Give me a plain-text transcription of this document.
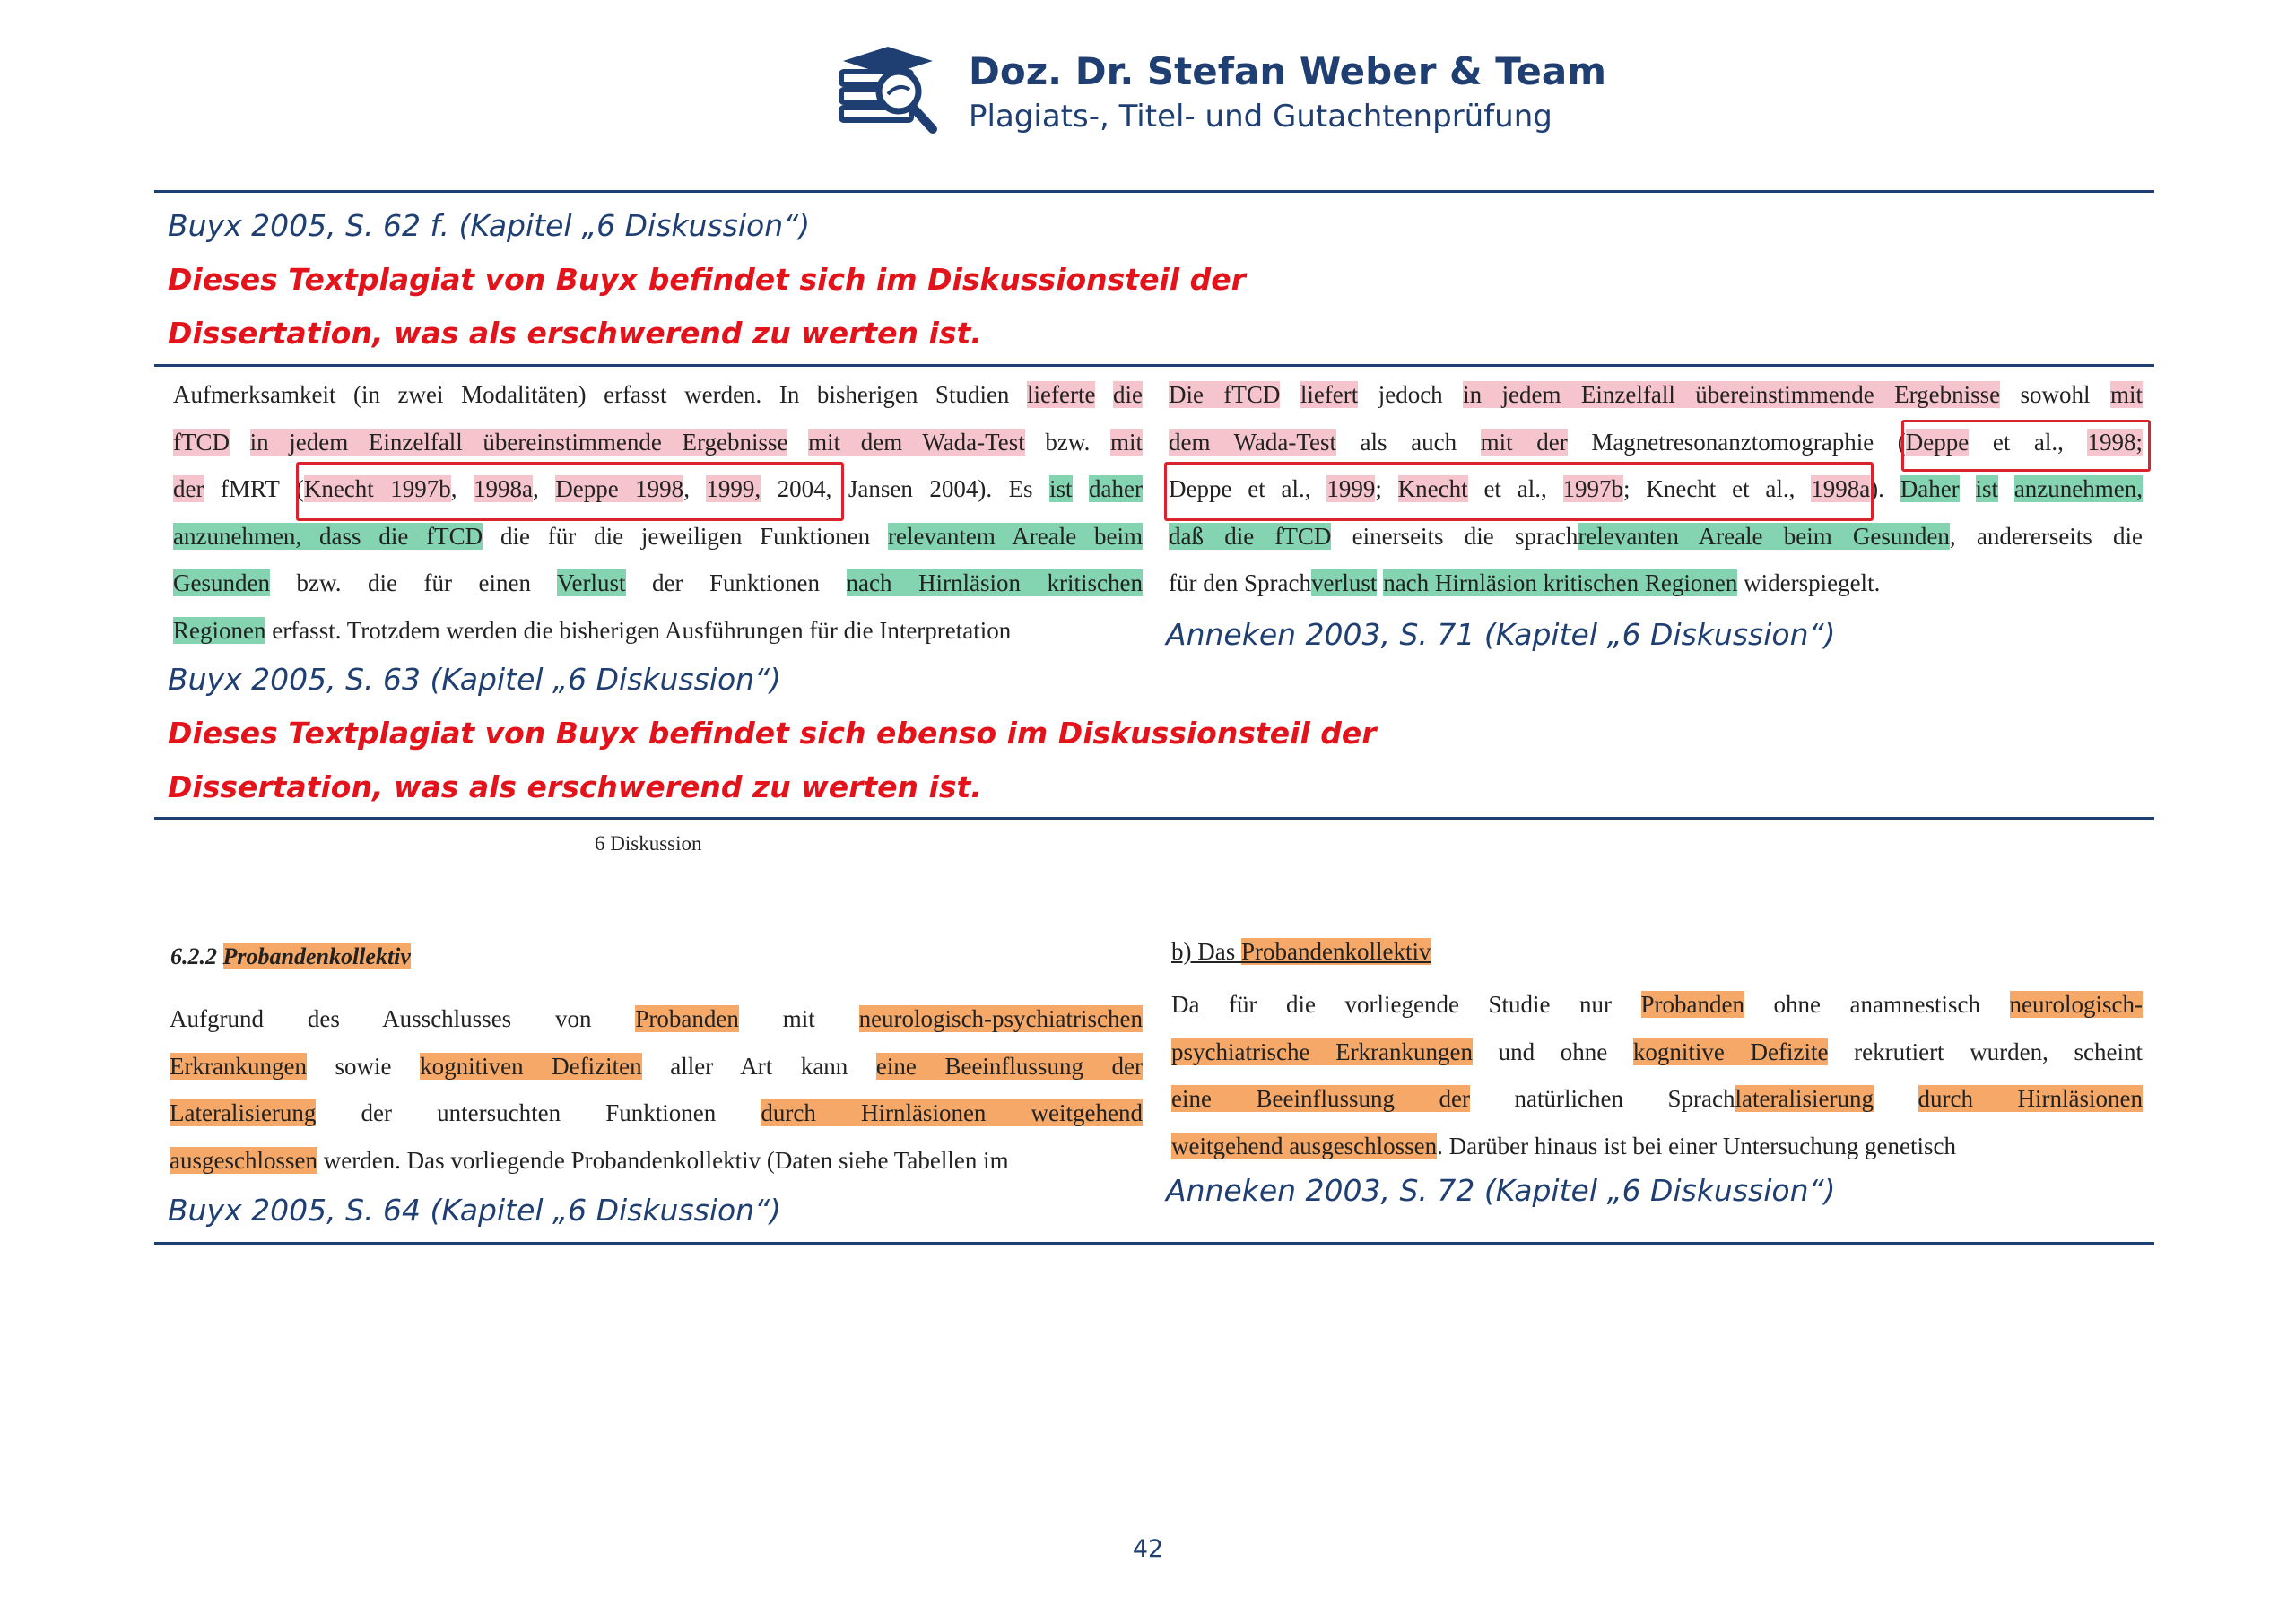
Doz. Dr. Stefan Weber & Team
Plagiats-, Titel- und Gutachtenprüfung
Buyx 2005, S. 62 f. (Kapitel „6 Diskussion“)
Dieses Textplagiat von Buyx befindet sich im Diskussionsteil der
Dissertation, was als erschwerend zu werten ist.
Aufmerksamkeit (in zwei Modalitäten) erfasst werden. In bisherigen Studien lieferte die
fTCD in jedem Einzelfall übereinstimmende Ergebnisse mit dem Wada-Test bzw. mit
der fMRT (Knecht 1997b, 1998a, Deppe 1998, 1999, 2004, Jansen 2004). Es ist daher
anzunehmen, dass die fTCD die für die jeweiligen Funktionen relevantem Areale beim
Gesunden bzw. die für einen Verlust der Funktionen nach Hirnläsion kritischen
Regionen erfasst. Trotzdem werden die bisherigen Ausführungen für die Interpretation
Die fTCD liefert jedoch in jedem Einzelfall übereinstimmende Ergebnisse sowohl mit
dem Wada-Test als auch mit der Magnetresonanztomographie (Deppe et al., 1998;
Deppe et al., 1999; Knecht et al., 1997b; Knecht et al., 1998a). Daher ist anzunehmen,
daß die fTCD einerseits die sprachrelevanten Areale beim Gesunden, andererseits die
für den Sprachverlust nach Hirnläsion kritischen Regionen widerspiegelt.
Buyx 2005, S. 63 (Kapitel „6 Diskussion“)
Anneken 2003, S. 71 (Kapitel „6 Diskussion“)
Dieses Textplagiat von Buyx befindet sich ebenso im Diskussionsteil der
Dissertation, was als erschwerend zu werten ist.
6 Diskussion
6.2.2 Probandenkollektiv	b) Das Probandenkollektiv
Aufgrund des Ausschlusses von Probanden mit neurologisch-psychiatrischen
Erkrankungen sowie kognitiven Defiziten aller Art kann eine Beeinflussung der
Lateralisierung der untersuchten Funktionen durch Hirnläsionen weitgehend
ausgeschlossen werden. Das vorliegende Probandenkollektiv (Daten siehe Tabellen im
Da für die vorliegende Studie nur Probanden ohne anamnestisch neurologisch-
psychiatrische Erkrankungen und ohne kognitive Defizite rekrutiert wurden, scheint
eine Beeinflussung der natürlichen Sprachlateralisierung durch Hirnläsionen
weitgehend ausgeschlossen. Darüber hinaus ist bei einer Untersuchung genetisch
Buyx 2005, S. 64 (Kapitel „6 Diskussion“)
Anneken 2003, S. 72 (Kapitel „6 Diskussion“)
42
